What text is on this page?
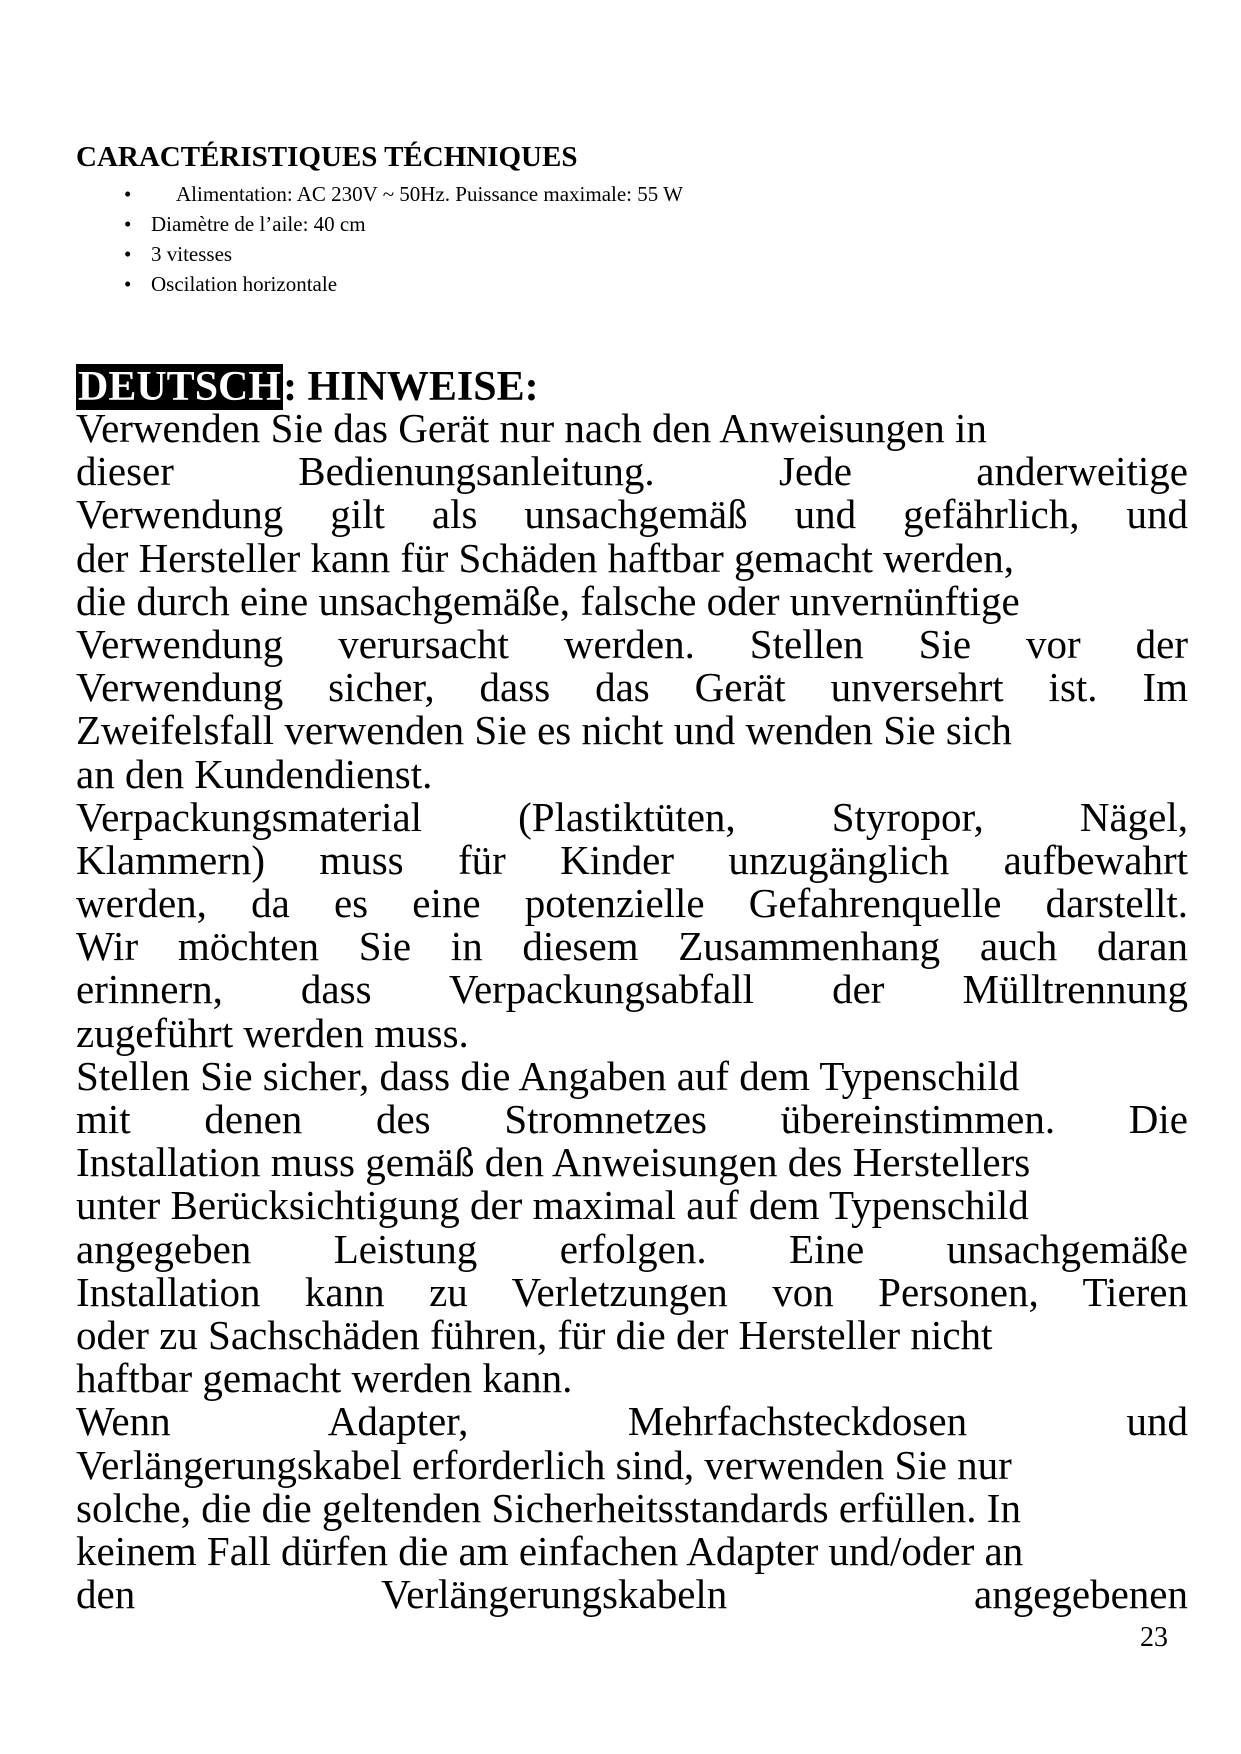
CARACTÉRISTIQUES TÉCHNIQUES
• Alimentation: AC 230V ~ 50Hz. Puissance maximale: 55 W
• Diamètre de l’aile: 40 cm
• 3 vitesses
• Oscilation horizontale
DEUTSCH: HINWEISE:
Verwenden Sie das Gerät nur nach den Anweisungen in
dieser Bedienungsanleitung. Jede anderweitige
Verwendung gilt als unsachgemäß und gefährlich, und
der Hersteller kann für Schäden haftbar gemacht werden,
die durch eine unsachgemäße, falsche oder unvernünftige
Verwendung verursacht werden. Stellen Sie vor der
Verwendung sicher, dass das Gerät unversehrt ist. Im
Zweifelsfall verwenden Sie es nicht und wenden Sie sich
an den Kundendienst.
Verpackungsmaterial (Plastiktüten, Styropor, Nägel,
Klammern) muss für Kinder unzugänglich aufbewahrt
werden, da es eine potenzielle Gefahrenquelle darstellt.
Wir möchten Sie in diesem Zusammenhang auch daran
erinnern, dass Verpackungsabfall der Mülltrennung
zugeführt werden muss.
Stellen Sie sicher, dass die Angaben auf dem Typenschild
mit denen des Stromnetzes übereinstimmen. Die
Installation muss gemäß den Anweisungen des Herstellers
unter Berücksichtigung der maximal auf dem Typenschild
angegeben Leistung erfolgen. Eine unsachgemäße
Installation kann zu Verletzungen von Personen, Tieren
oder zu Sachschäden führen, für die der Hersteller nicht
haftbar gemacht werden kann.
Wenn Adapter, Mehrfachsteckdosen und
Verlängerungskabel erforderlich sind, verwenden Sie nur
solche, die die geltenden Sicherheitsstandards erfüllen. In
keinem Fall dürfen die am einfachen Adapter und/oder an
den Verlängerungskabeln angegebenen
23
